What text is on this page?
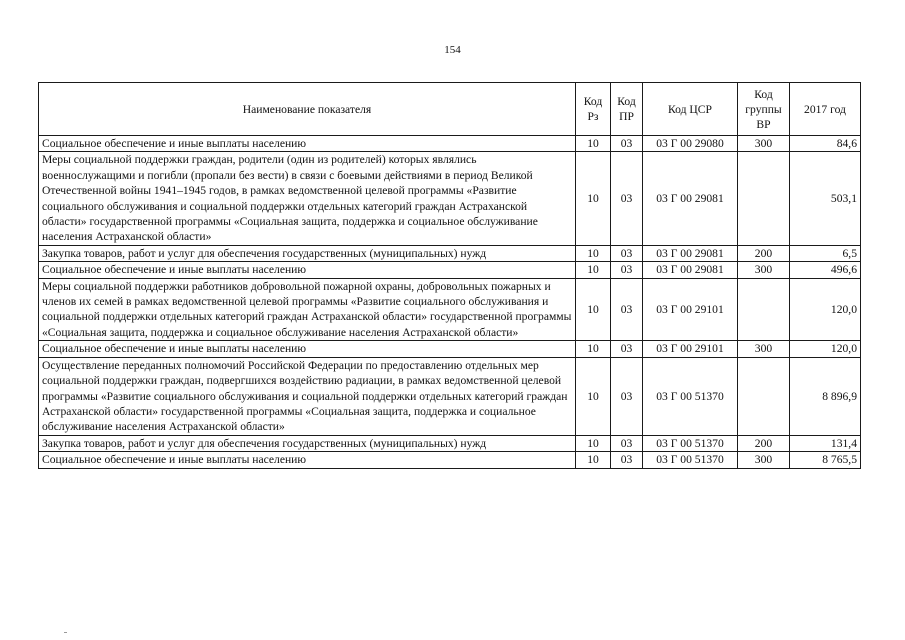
154
Наименование показателя	Код Рз	Код ПР	Код ЦСР	Код группы ВР	2017 год
Социальное обеспечение и иные выплаты населению	10	03	03 Г 00 29080	300	84,6
Меры социальной поддержки граждан, родители (один из родителей) которых являлись военнослужащими и погибли (пропали без вести) в связи с боевыми действиями в период Великой Отечественной войны 1941–1945 годов, в рамках ведомственной целевой программы «Развитие социального обслуживания и социальной поддержки отдельных категорий граждан Астраханской области» государственной программы «Социальная защита, поддержка и социальное обслуживание населения Астраханской области»	10	03	03 Г 00 29081		503,1
Закупка товаров, работ и услуг для обеспечения государственных (муниципальных) нужд	10	03	03 Г 00 29081	200	6,5
Социальное обеспечение и иные выплаты населению	10	03	03 Г 00 29081	300	496,6
Меры социальной поддержки работников добровольной пожарной охраны, добровольных пожарных и членов их семей в рамках ведомственной целевой программы «Развитие социального обслуживания и социальной поддержки отдельных категорий граждан Астраханской области» государственной программы «Социальная защита, поддержка и социальное обслуживание населения Астраханской области»	10	03	03 Г 00 29101		120,0
Социальное обеспечение и иные выплаты населению	10	03	03 Г 00 29101	300	120,0
Осуществление переданных полномочий Российской Федерации по предоставлению отдельных мер социальной поддержки граждан, подвергшихся воздействию радиации, в рамках ведомственной целевой программы «Развитие социального обслуживания и социальной поддержки отдельных категорий граждан Астраханской области» государственной программы «Социальная защита, поддержка и социальное обслуживание населения Астраханской области»	10	03	03 Г 00 51370		8 896,9
Закупка товаров, работ и услуг для обеспечения государственных (муниципальных) нужд	10	03	03 Г 00 51370	200	131,4
Социальное обеспечение и иные выплаты населению	10	03	03 Г 00 51370	300	8 765,5
